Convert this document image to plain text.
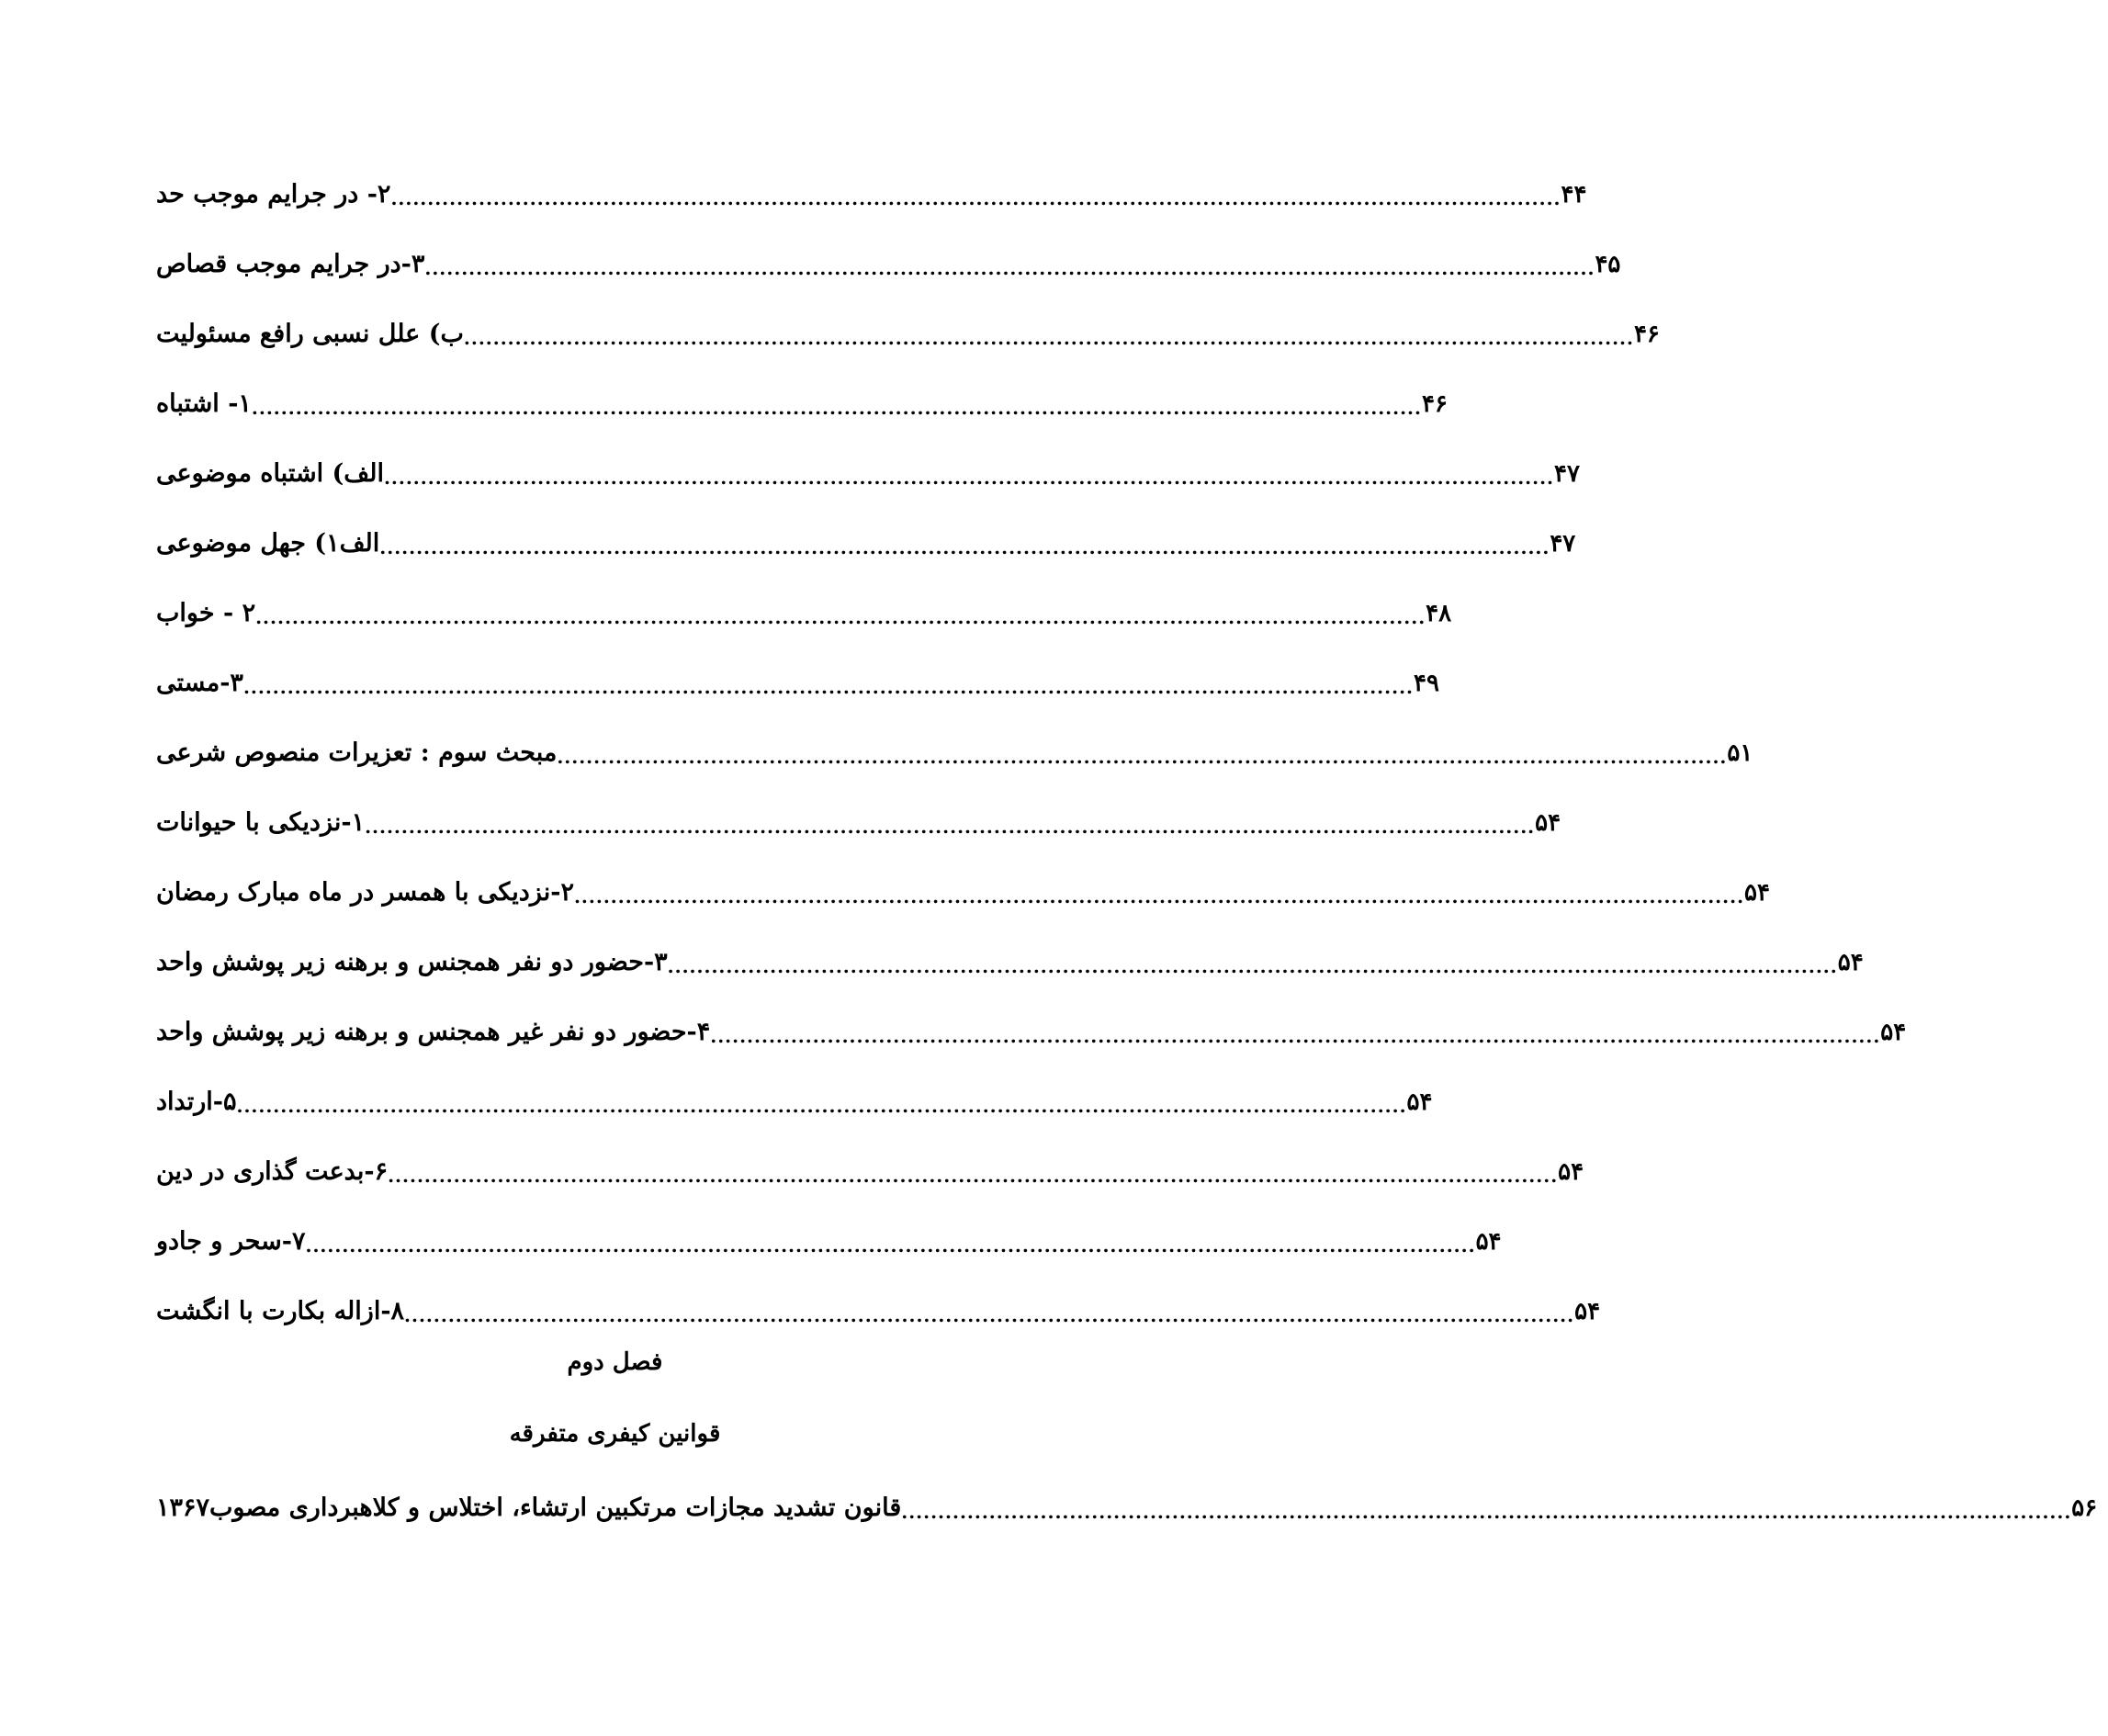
۲- در جرایم موجب حد ................................................................................................................................................................ ۴۴
۳-در جرایم موجب قصاص ................................................................................................................................................................ ۴۵
ب) علل نسبی رافع مسئولیت ................................................................................................................................................................ ۴۶
۱- اشتباه ................................................................................................................................................................ ۴۶
الف) اشتباه موضوعی ................................................................................................................................................................ ۴۷
الف۱) جهل موضوعی ................................................................................................................................................................ ۴۷
۲ - خواب ................................................................................................................................................................ ۴۸
۳-مستی ................................................................................................................................................................ ۴۹
مبحث سوم : تعزیرات منصوص شرعی ................................................................................................................................................................ ۵۱
۱-نزدیکی با حیوانات ................................................................................................................................................................ ۵۴
۲-نزدیکی با همسر در ماه مبارک رمضان ................................................................................................................................................................ ۵۴
۳-حضور دو نفر همجنس و برهنه زیر پوشش واحد ................................................................................................................................................................ ۵۴
۴-حضور دو نفر غیر همجنس و برهنه زیر پوشش واحد ................................................................................................................................................................ ۵۴
۵-ارتداد ................................................................................................................................................................ ۵۴
۶-بدعت گذاری در دین ................................................................................................................................................................ ۵۴
۷-سحر و جادو ................................................................................................................................................................ ۵۴
۸-ازاله بکارت با انگشت ................................................................................................................................................................ ۵۴
فصل دوم
قوانین کیفری متفرقه
قانون تشدید مجازات مرتکبین ارتشاء، اختلاس و کلاهبرداری مصوب۱۳۶۷ ................................................................................................................................................................ ۵۶
